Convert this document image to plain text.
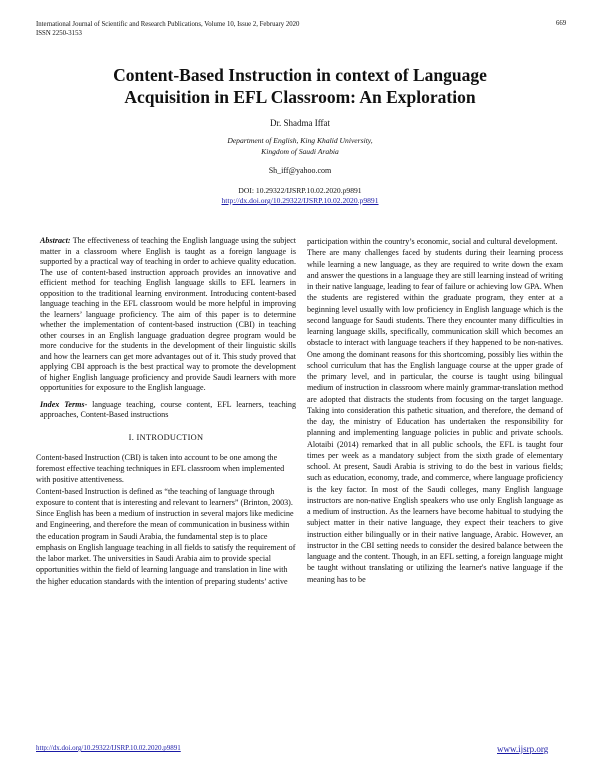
International Journal of Scientific and Research Publications, Volume 10, Issue 2, February 2020
ISSN 2250-3153
669
Content-Based Instruction in context of Language
Acquisition in EFL Classroom: An Exploration
Dr. Shadma Iffat
Department of English, King Khalid University,
Kingdom of Saudi Arabia
Sh_iff@yahoo.com
DOI: 10.29322/IJSRP.10.02.2020.p9891
http://dx.doi.org/10.29322/IJSRP.10.02.2020.p9891
Abstract: The effectiveness of teaching the English language using the subject matter in a classroom where English is taught as a foreign language is supported by a practical way of teaching in order to achieve quality education. The use of content-based instruction approach provides an innovative and efficient method for teaching English language skills to EFL learners in opposition to the traditional learning environment. Introducing content-based language teaching in the EFL classroom would be more helpful in improving the learners’ language proficiency. The aim of this paper is to determine whether the implementation of content-based instruction (CBI) in teaching other courses in an English language graduation degree program would be more conducive for the students in the development of their linguistic skills and how the learners can get more advantages out of it. This study proved that applying CBI approach is the best practical way to promote the development of higher English language proficiency and provide Saudi learners with more opportunities for exposure to the English language.
Index Terms- language teaching, course content, EFL learners, teaching approaches, Content-Based instructions
I. INTRODUCTION

Content-based Instruction (CBI) is taken into account to be one among the foremost effective teaching techniques in EFL classroom when implemented with positive attentiveness.

Content-based Instruction is defined as “the teaching of language through exposure to content that is interesting and relevant to learners” (Brinton, 2003).

Since English has been a medium of instruction in several majors like medicine and Engineering, and therefore the mean of communication in business within the education program in Saudi Arabia, the fundamental step is to place emphasis on English language teaching in all fields to satisfy the requirement of the labor market. The universities in Saudi Arabia aim to provide special opportunities within the field of learning language and translation in line with the higher education standards with the intention of preparing students’ active

participation within the country’s economic, social and cultural development.

There are many challenges faced by students during their learning process while learning a new language, as they are required to write down the exam and answer the questions in a language they are still learning instead of writing in their native language, leading to fear of failure or achieving low GPA. When the students are registered within the graduate program, they enter at a beginning level usually with low proficiency in English language which is the second language for Saudi students. There they encounter many difficulties in learning language skills, specifically, communication skill which becomes an obstacle to interact with language teachers if they happened to be non-natives. One among the dominant reasons for this shortcoming, possibly lies within the school curriculum that has the English language course at the upper grade of the primary level, and in particular, the course is taught using bilingual medium of instruction in classroom where mainly grammar-translation method are adopted that distracts the students from focusing on the target language. Taking into consideration this pathetic situation, and therefore, the demand of the day, the ministry of Education has undertaken the responsibility for planning and implementing language policies in public and private schools. Alotaibi (2014) remarked that in all public schools, the EFL is taught four times per week as a mandatory subject from the sixth grade of elementary school. At present, Saudi Arabia is striving to do the best in various fields; such as education, economy, trade, and commerce, where language proficiency is the key factor. In most of the Saudi colleges, many English language instructors are non-native English speakers who use only English language as a medium of instruction. As the learners have become habitual to studying the subject matter in their native language, they expect their teachers to give instruction either bilingually or in their native language, Arabic. However, an instructor in the CBI setting needs to consider the desired balance between the language and the content. Though, in an EFL setting, a foreign language might be taught without translating or utilizing the learner's native language if the meaning has to be

http://dx.doi.org/10.29322/IJSRP.10.02.2020.p9891	www.ijsrp.org
